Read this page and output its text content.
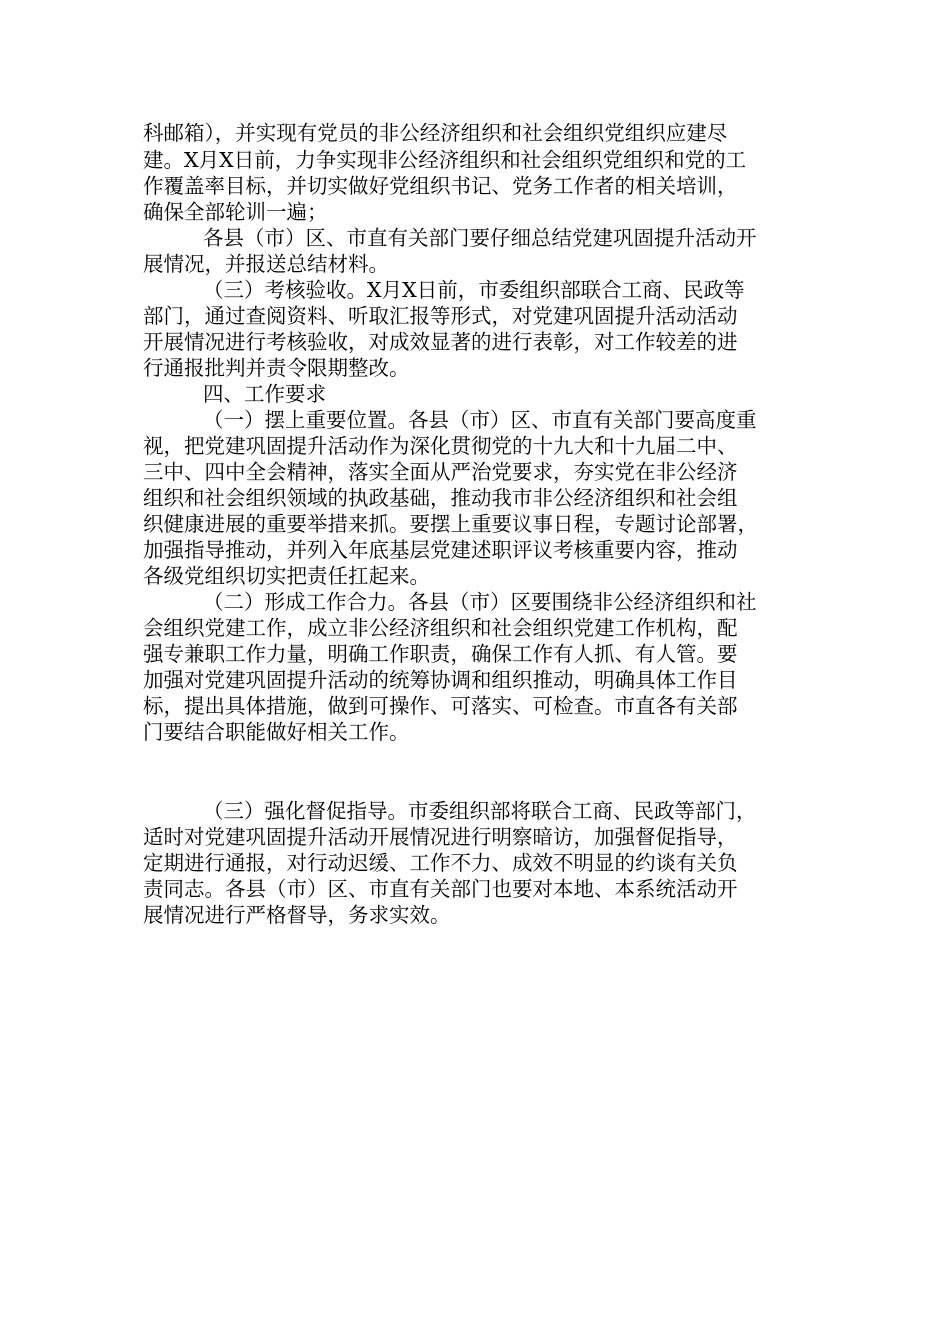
科邮箱），并实现有党员的非公经济组织和社会组织党组织应建尽
建。X月X日前，力争实现非公经济组织和社会组织党组织和党的工
作覆盖率目标，并切实做好党组织书记、党务工作者的相关培训，
确保全部轮训一遍；
各县（市）区、市直有关部门要仔细总结党建巩固提升活动开
展情况，并报送总结材料。
（三）考核验收。X月X日前，市委组织部联合工商、民政等
部门，通过查阅资料、听取汇报等形式，对党建巩固提升活动活动
开展情况进行考核验收，对成效显著的进行表彰，对工作较差的进
行通报批判并责令限期整改。
四、工作要求
（一）摆上重要位置。各县（市）区、市直有关部门要高度重
视，把党建巩固提升活动作为深化贯彻党的十九大和十九届二中、
三中、四中全会精神，落实全面从严治党要求，夯实党在非公经济
组织和社会组织领域的执政基础，推动我市非公经济组织和社会组
织健康进展的重要举措来抓。要摆上重要议事日程，专题讨论部署，
加强指导推动，并列入年底基层党建述职评议考核重要内容，推动
各级党组织切实把责任扛起来。
（二）形成工作合力。各县（市）区要围绕非公经济组织和社
会组织党建工作，成立非公经济组织和社会组织党建工作机构，配
强专兼职工作力量，明确工作职责，确保工作有人抓、有人管。要
加强对党建巩固提升活动的统筹协调和组织推动，明确具体工作目
标，提出具体措施，做到可操作、可落实、可检查。市直各有关部
门要结合职能做好相关工作。
（三）强化督促指导。市委组织部将联合工商、民政等部门，
适时对党建巩固提升活动开展情况进行明察暗访，加强督促指导，
定期进行通报，对行动迟缓、工作不力、成效不明显的约谈有关负
责同志。各县（市）区、市直有关部门也要对本地、本系统活动开
展情况进行严格督导，务求实效。
